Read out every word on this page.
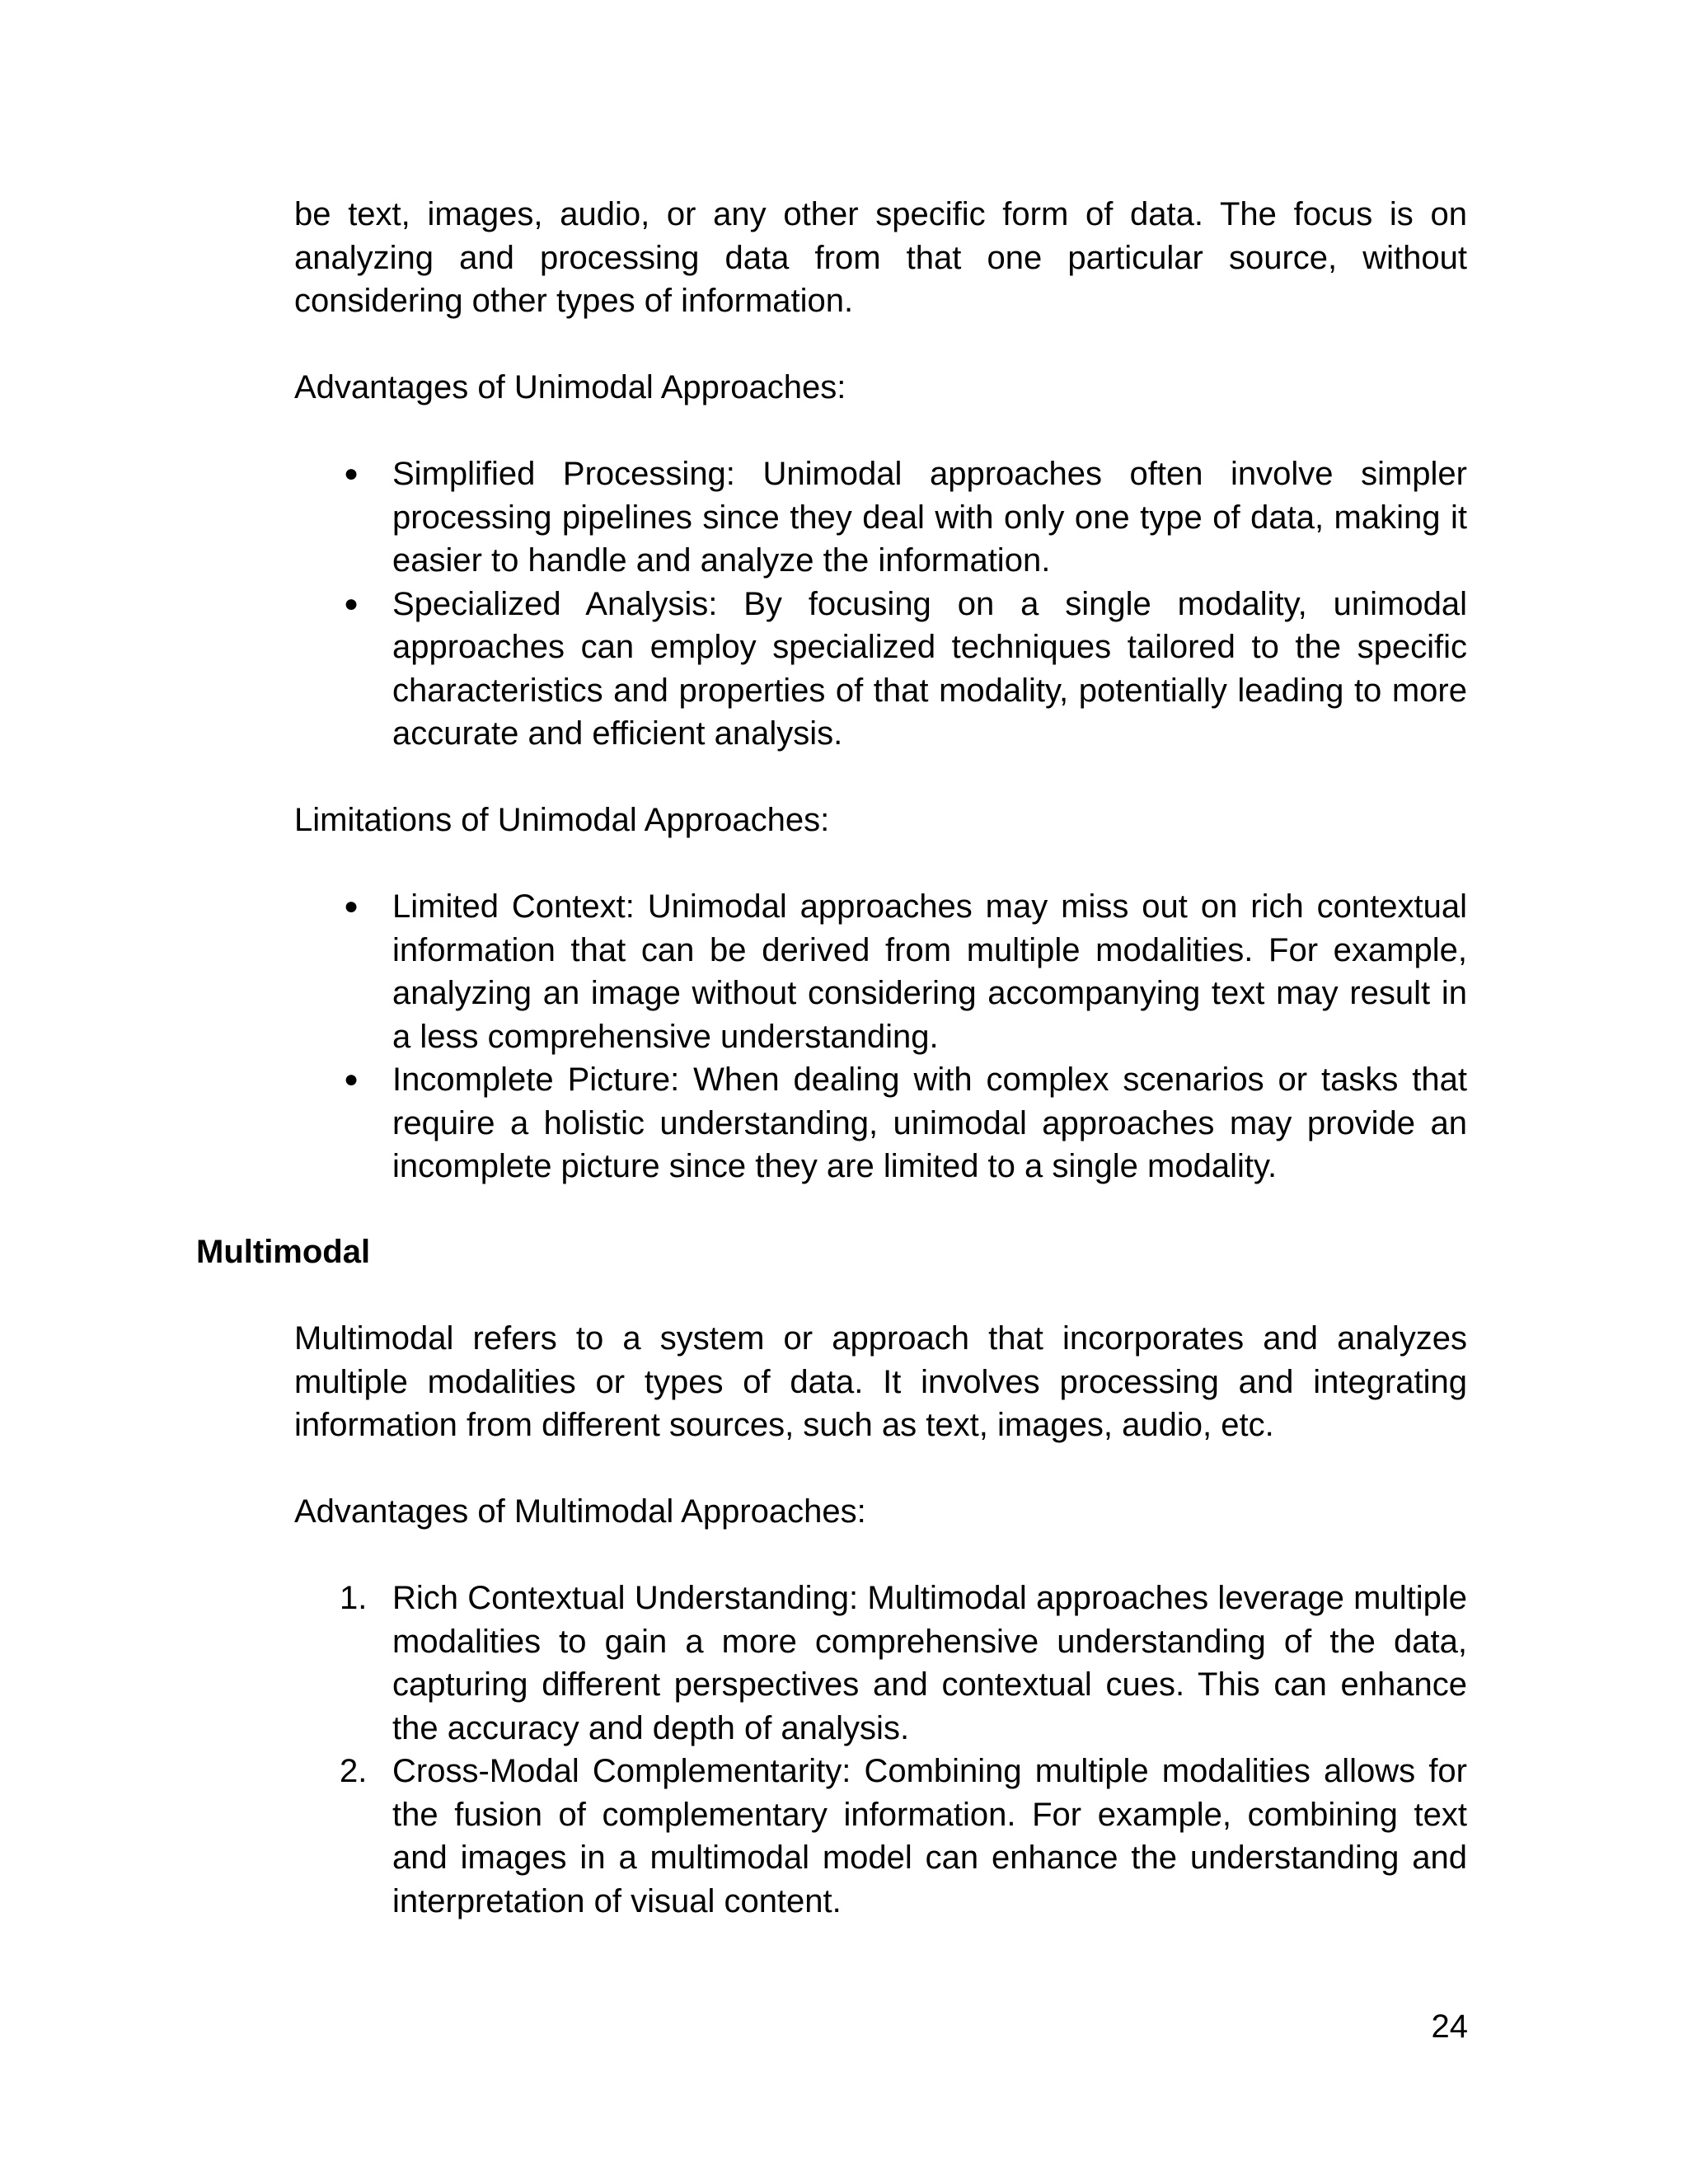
be text, images, audio, or any other specific form of data. The focus is on analyzing and processing data from that one particular source, without considering other types of information.

Advantages of Unimodal Approaches:

● Simplified Processing: Unimodal approaches often involve simpler processing pipelines since they deal with only one type of data, making it easier to handle and analyze the information.
● Specialized Analysis: By focusing on a single modality, unimodal approaches can employ specialized techniques tailored to the specific characteristics and properties of that modality, potentially leading to more accurate and efficient analysis.

Limitations of Unimodal Approaches:

● Limited Context: Unimodal approaches may miss out on rich contextual information that can be derived from multiple modalities. For example, analyzing an image without considering accompanying text may result in a less comprehensive understanding.
● Incomplete Picture: When dealing with complex scenarios or tasks that require a holistic understanding, unimodal approaches may provide an incomplete picture since they are limited to a single modality.
Multimodal

Multimodal refers to a system or approach that incorporates and analyzes multiple modalities or types of data. It involves processing and integrating information from different sources, such as text, images, audio, etc.

Advantages of Multimodal Approaches:

1. Rich Contextual Understanding: Multimodal approaches leverage multiple modalities to gain a more comprehensive understanding of the data, capturing different perspectives and contextual cues. This can enhance the accuracy and depth of analysis.
2. Cross-Modal Complementarity: Combining multiple modalities allows for the fusion of complementary information. For example, combining text and images in a multimodal model can enhance the understanding and interpretation of visual content.
24
